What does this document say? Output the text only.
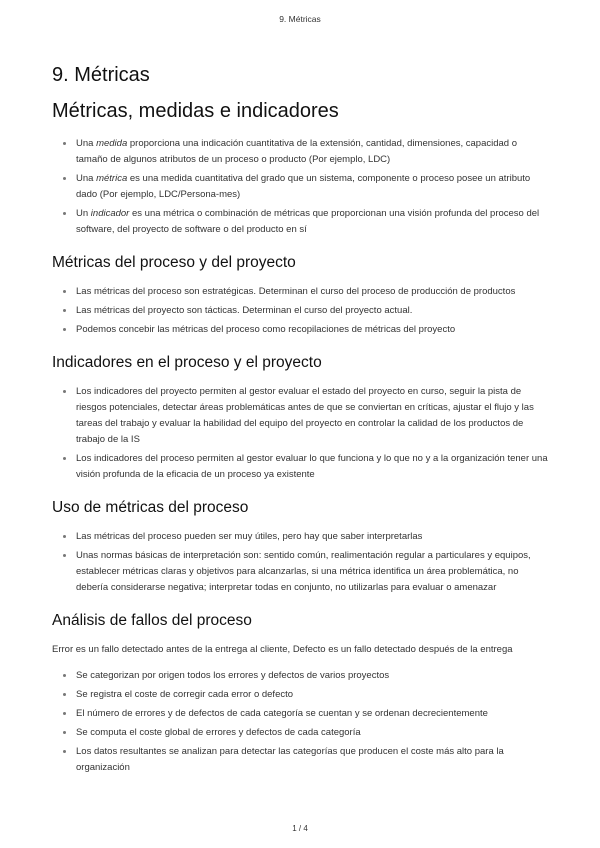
9. Métricas
9. Métricas
Métricas, medidas e indicadores
Una medida proporciona una indicación cuantitativa de la extensión, cantidad, dimensiones, capacidad o tamaño de algunos atributos de un proceso o producto (Por ejemplo, LDC)
Una métrica es una medida cuantitativa del grado que un sistema, componente o proceso posee un atributo dado (Por ejemplo, LDC/Persona-mes)
Un indicador es una métrica o combinación de métricas que proporcionan una visión profunda del proceso del software, del proyecto de software o del producto en sí
Métricas del proceso y del proyecto
Las métricas del proceso son estratégicas. Determinan el curso del proceso de producción de productos
Las métricas del proyecto son tácticas. Determinan el curso del proyecto actual.
Podemos concebir las métricas del proceso como recopilaciones de métricas del proyecto
Indicadores en el proceso y el proyecto
Los indicadores del proyecto permiten al gestor evaluar el estado del proyecto en curso, seguir la pista de riesgos potenciales, detectar áreas problemáticas antes de que se conviertan en críticas, ajustar el flujo y las tareas del trabajo y evaluar la habilidad del equipo del proyecto en controlar la calidad de los productos de trabajo de la IS
Los indicadores del proceso permiten al gestor evaluar lo que funciona y lo que no y a la organización tener una visión profunda de la eficacia de un proceso ya existente
Uso de métricas del proceso
Las métricas del proceso pueden ser muy útiles, pero hay que saber interpretarlas
Unas normas básicas de interpretación son: sentido común, realimentación regular a particulares y equipos, establecer métricas claras y objetivos para alcanzarlas, si una métrica identifica un área problemática, no debería considerarse negativa; interpretar todas en conjunto, no utilizarlas para evaluar o amenazar
Análisis de fallos del proceso

Error es un fallo detectado antes de la entrega al cliente, Defecto es un fallo detectado después de la entrega

Se categorizan por origen todos los errores y defectos de varios proyectos
Se registra el coste de corregir cada error o defecto
El número de errores y de defectos de cada categoría se cuentan y se ordenan decrecientemente
Se computa el coste global de errores y defectos de cada categoría
Los datos resultantes se analizan para detectar las categorías que producen el coste más alto para la organización
1 / 4
